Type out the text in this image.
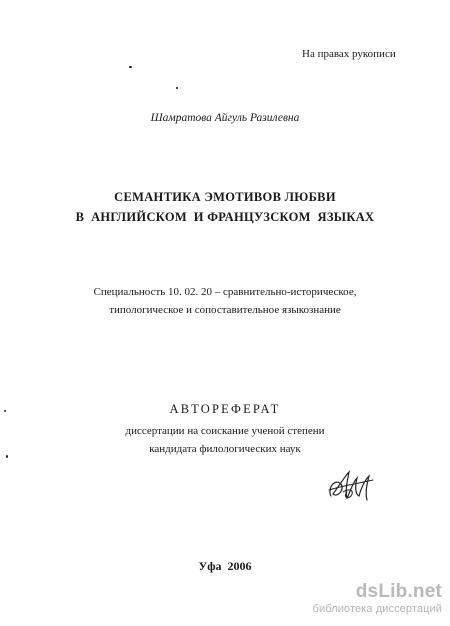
На правах рукописи
Шамратова Айгуль Разилевна
СЕМАНТИКА ЭМОТИВОВ ЛЮБВИ
В  АНГЛИЙСКОМ  И ФРАНЦУЗСКОМ  ЯЗЫКАХ
Специальность 10. 02. 20 – сравнительно-историческое,
типологическое и сопоставительное языкознание
АВТОРЕФЕРАТ
диссертации на соискание ученой степени
кандидата филологических наук
Уфа  2006
dsLib.net
библиотека диссертаций
